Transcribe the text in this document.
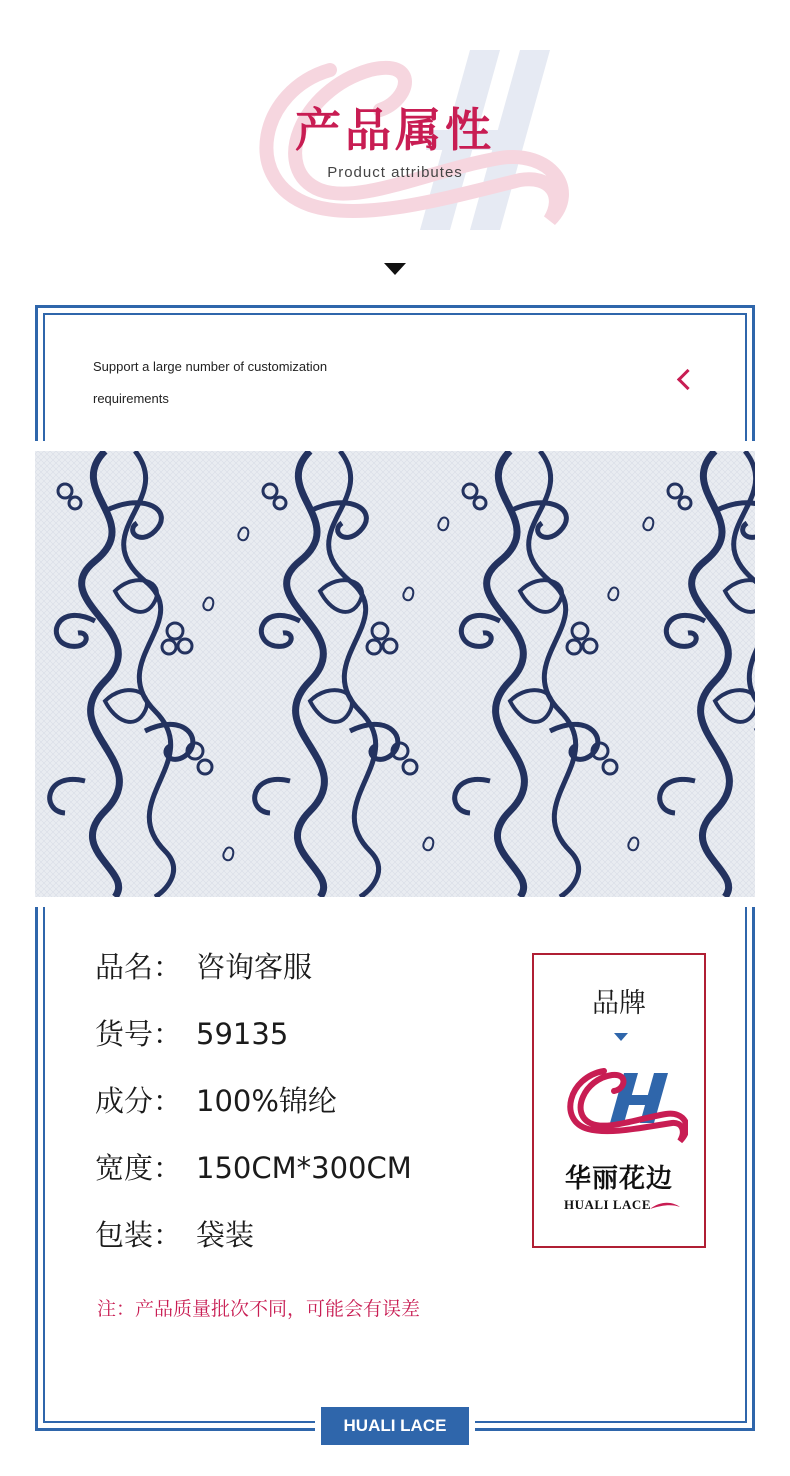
产品属性
Product attributes
Support a large number of customization
requirements
品名： 咨询客服
货号： 59135
成分： 100%锦纶
宽度： 150CM*300CM
包装： 袋装
注：产品质量批次不同，可能会有误差
品牌
华丽花边
HUALI LACE
HUALI LACE
